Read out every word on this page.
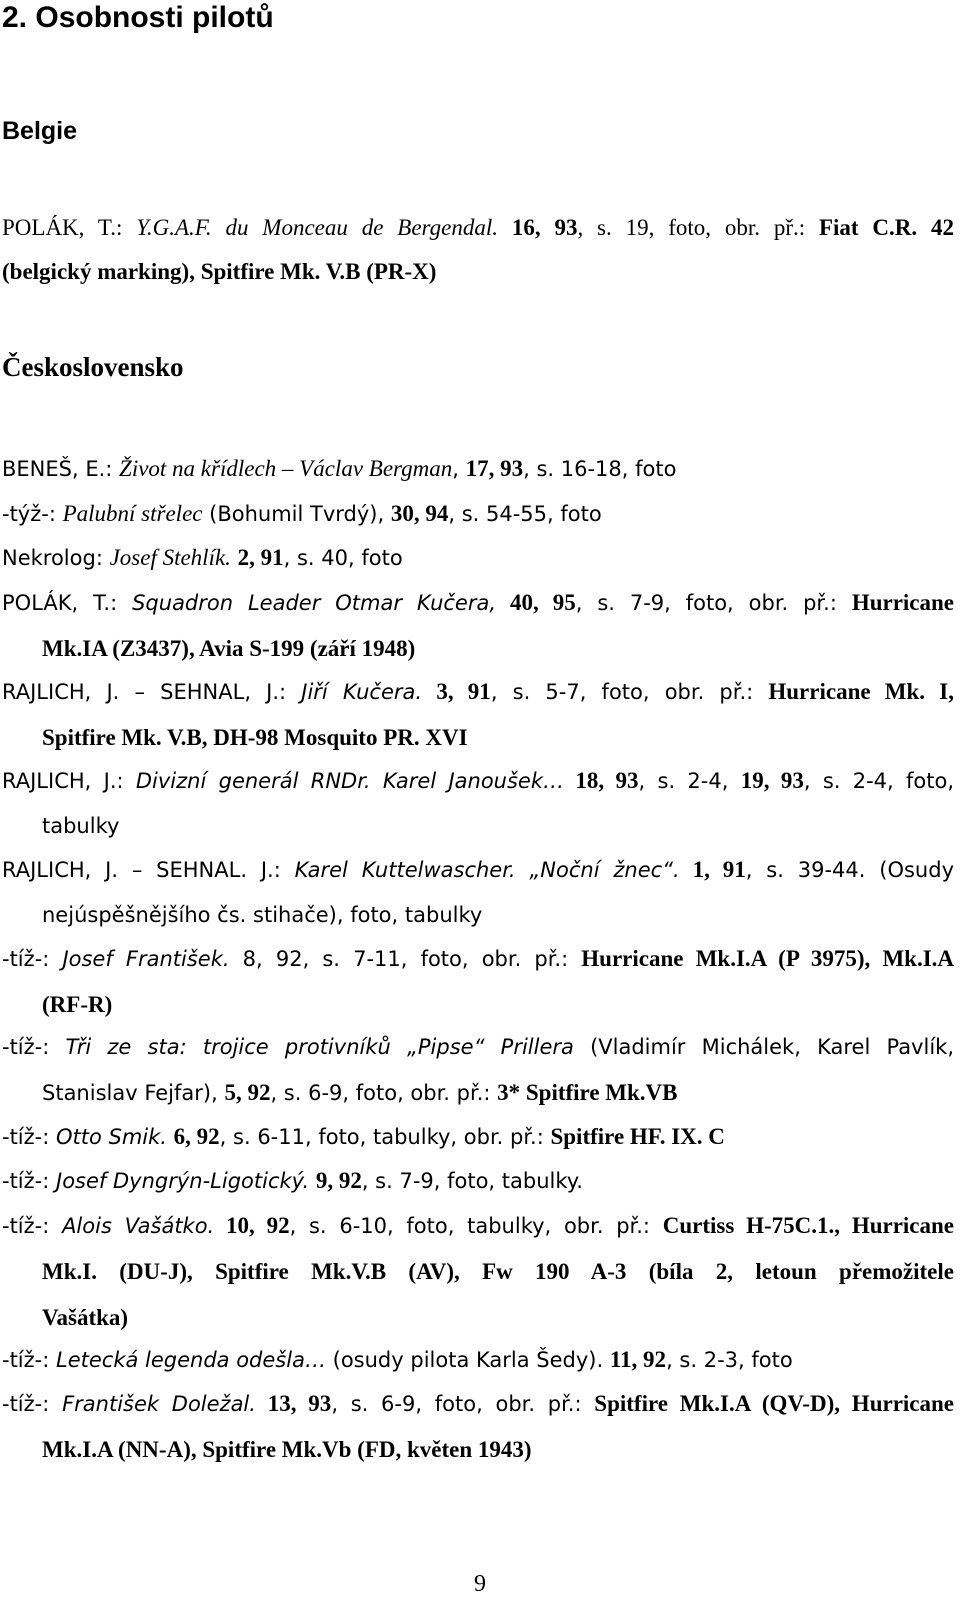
2. Osobnosti pilotů
Belgie

POLÁK, T.: Y.G.A.F. du Monceau de Bergendal. 16, 93, s. 19, foto, obr. př.: Fiat C.R. 42
(belgický marking), Spitfire Mk. V.B (PR-X)

Československo

BENEŠ, E.: Život na křídlech – Václav Bergman, 17, 93, s. 16-18, foto

-týž-: Palubní střelec (Bohumil Tvrdý), 30, 94, s. 54-55, foto

Nekrolog: Josef Stehlík. 2, 91, s. 40, foto

POLÁK, T.: Squadron Leader Otmar Kučera, 40, 95, s. 7-9, foto, obr. př.: Hurricane
Mk.IA (Z3437), Avia S-199 (září 1948)

RAJLICH, J. – SEHNAL, J.: Jiří Kučera. 3, 91, s. 5-7, foto, obr. př.: Hurricane Mk. I,
Spitfire Mk. V.B, DH-98 Mosquito PR. XVI

RAJLICH, J.: Divizní generál RNDr. Karel Janoušek… 18, 93, s. 2-4, 19, 93, s. 2-4, foto,
tabulky

RAJLICH, J. – SEHNAL. J.: Karel Kuttelwascher. „Noční žnec“. 1, 91, s. 39-44. (Osudy
nejúspěšnějšího čs. stihače), foto, tabulky

-tíž-: Josef František. 8, 92, s. 7-11, foto, obr. př.: Hurricane Mk.I.A (P 3975), Mk.I.A
(RF-R)

-tíž-: Tři ze sta: trojice protivníků „Pipse“ Prillera (Vladimír Michálek, Karel Pavlík,
Stanislav Fejfar), 5, 92, s. 6-9, foto, obr. př.: 3* Spitfire Mk.VB

-tíž-: Otto Smik. 6, 92, s. 6-11, foto, tabulky, obr. př.: Spitfire HF. IX. C

-tíž-: Josef Dyngrýn-Ligotický. 9, 92, s. 7-9, foto, tabulky.

-tíž-: Alois Vašátko. 10, 92, s. 6-10, foto, tabulky, obr. př.: Curtiss H-75C.1., Hurricane
Mk.I. (DU-J), Spitfire Mk.V.B (AV), Fw 190 A-3 (bíla 2, letoun přemožitele
Vašátka)

-tíž-: Letecká legenda odešla… (osudy pilota Karla Šedy). 11, 92, s. 2-3, foto

-tíž-: František Doležal. 13, 93, s. 6-9, foto, obr. př.: Spitfire Mk.I.A (QV-D), Hurricane
Mk.I.A (NN-A), Spitfire Mk.Vb (FD, květen 1943)

9
